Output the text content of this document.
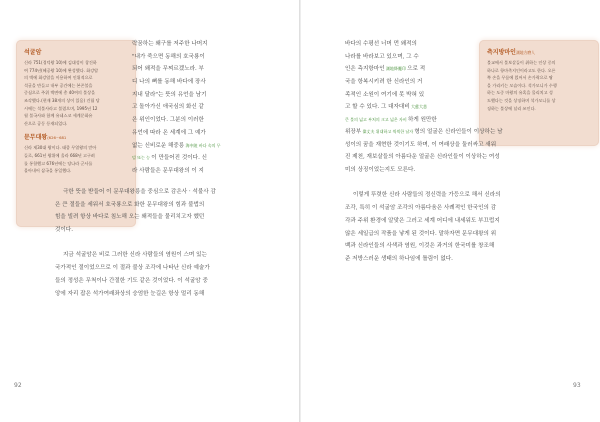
석굴암
신라 751(경덕왕 10)에 김대성이 창건하
여 774년(혜공왕 10)에 완성했다. 화강암
의 벽에 화강암을 이용하여 인위적으로
석굴을 만들고 내부 공간에는 본존불을
중심으로 주위 벽면에 총 40여의 불상을
조각했다.(현재 38개의 상이 있음) 건립 당
시에는 석불사라고 불렸으며, 1995년 12
월 불국사와 함께 유네스코 세계문화유
산으로 공동 등재되었다.
문무대왕(626~681
신라 제30대 왕이다. 태종 무열왕의 맏아
들로, 661년 왕위에 올라 668년 고구려
를 통합했고 676년에는 당나라 군사를
몰아내어 삼국을 통일했다.
락꿈하는 왜구를 저주한 나머지
"내가 죽으면 동해의 호국룡이
되어 왜적을 무찌르겠노라. 부
디 나의 뼈를 동해 바다에 장사
지내 달라"는 뜻의 유언을 남기
고 돌아가신 애국심의 화신 같
은 위인이었다. 그분의 이러한
유언에 따라 온 세계에 그 예가
없는 신비로운 해중릉 海中陵 바다 속의 무
덤 또는 능 이 만들어진 것이다. 신
라 사람들은 문무대왕의 이 지
극한 뜻을 받들어 이 문무대왕릉을 중심으로 감은사 · 석불사 감
은 큰 절들을 세워서 호국룡으로 화한 문무대왕의 힘과 불법의
힘을 빌려 항상 바다로 침노해 오는 왜적들을 물리치고자 했던
것이다.
지금 석굴암은 비로 그러한 신라 사람들의 염원이 스며 있는
국가적인 절이었으므로 이 절과 불상 조각에 나타난 신라 예술가
들의 정성은 무척이나 간절한 기도 같은 것이었다. 이 석굴암 중
앙에 자리 잡은 석가여래좌상의 숭엄한 눈길은 항상 멀리 동해
92
바다의 수평선 너머 먼 왜적의
나라를 바라보고 있으며, 그 수
인은 측지항마인 測地降魔印 으로 적
국을 항복시키려 한 신라인의 거
족적인 소원이 여기에 못 박혀 있
고 할 수 있다. 그 대자대비 大慈大悲
큰 불의 넓고 부처의 크고 넓은 자비 하게 원만한
측지방마인測地方磨人
불교에서 불보살들이 취하는 인상 중의
하나로 항마촉지인이라고도 한다. 오른
쪽 손을 무릎에 얹어서 손가락으로 땅
을 가리키는 모습이다. 석가모니가 수행
하는 도중 마왕의 유혹을 물리치고 성
도했다는 것을 상징하며 석가모니를 상
징하는 불상에 널리 쓰인다.
위장부 偉丈夫 위대하고 씩씩한 남자 형의 얼굴은 신라인들이 이상하는 남
성이의 꿈을 재현한 것이기도 하며, 이 여래상을 둘러싸고 새워
진 제천, 재보살들의 아름다운 얼굴은 신라인들이 이상하는 여성
미의 상징이었는지도 모른다.
이렇게 뚜렷한 신라 사람들의 정신력을 가등으로 해서 신라의
조각, 특히 이 석굴암 조각의 아름다움은 사례적인 한국인의 감
각과 주위 환경에 알맞은 그러고 세계 어디에 내세워도 부끄럽지
않은 세일급의 작품을 낳게 된 것이다. 말하자면 문무대왕의 위
백과 신라인들의 사색과 염원, 이것은 과거의 한국미를 창조해
준 저방스러운 생태의 하나임에 틀림이 없다.
93
